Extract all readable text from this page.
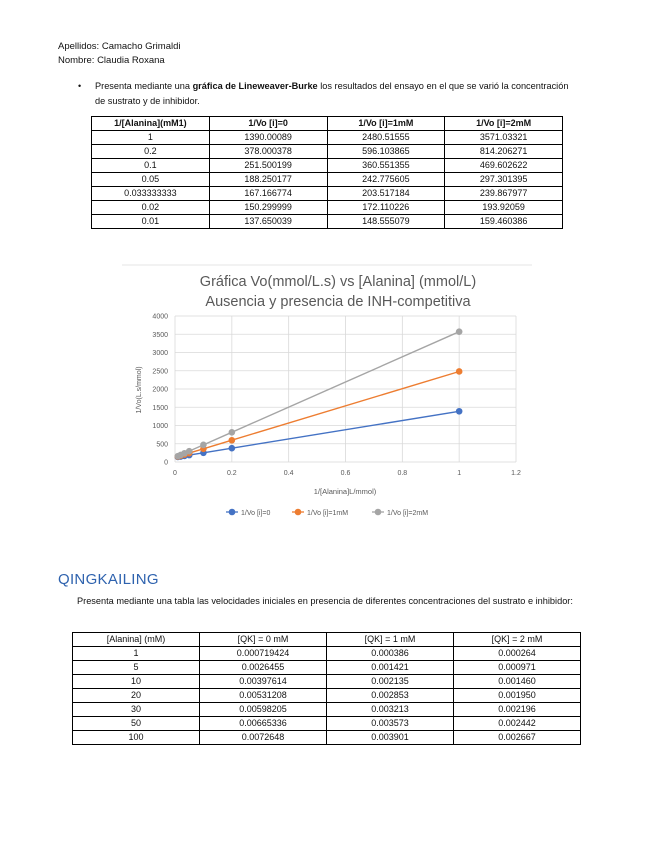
Apellidos: Camacho Grimaldi
Nombre: Claudia Roxana
• Presenta mediante una gráfica de Lineweaver-Burke los resultados del ensayo en el que se varió la concentración de sustrato y de inhibidor.
1/[Alanina](mM1)	1/Vo [i]=0	1/Vo [i]=1mM	1/Vo [i]=2mM
1	1390.00089	2480.51555	3571.03321
0.2	378.000378	596.103865	814.206271
0.1	251.500199	360.551355	469.602622
0.05	188.250177	242.775605	297.301395
0.033333333	167.166774	203.517184	239.867977
0.02	150.299999	172.110226	193.92059
0.01	137.650039	148.555079	159.460386
Gráfica Vo(mmol/L.s) vs [Alanina] (mmol/L)
Ausencia y presencia de INH-competitiva
0
500
1000
1500
2000
2500
3000
3500
4000
0	0.2	0.4	0.6	0.8	1	1.2
1/Vo(L.s/mmol)
1/[Alanina]L/mmol)
1/Vo [i]=0	1/Vo [i]=1mM	1/Vo [i]=2mM
QINGKAILING
Presenta mediante una tabla las velocidades iniciales en presencia de diferentes concentraciones del sustrato e inhibidor:
[Alanina] (mM)	[QK] = 0 mM	[QK] = 1 mM	[QK] = 2 mM
1	0.000719424	0.000386	0.000264
5	0.0026455	0.001421	0.000971
10	0.00397614	0.002135	0.001460
20	0.00531208	0.002853	0.001950
30	0.00598205	0.003213	0.002196
50	0.00665336	0.003573	0.002442
100	0.0072648	0.003901	0.002667
